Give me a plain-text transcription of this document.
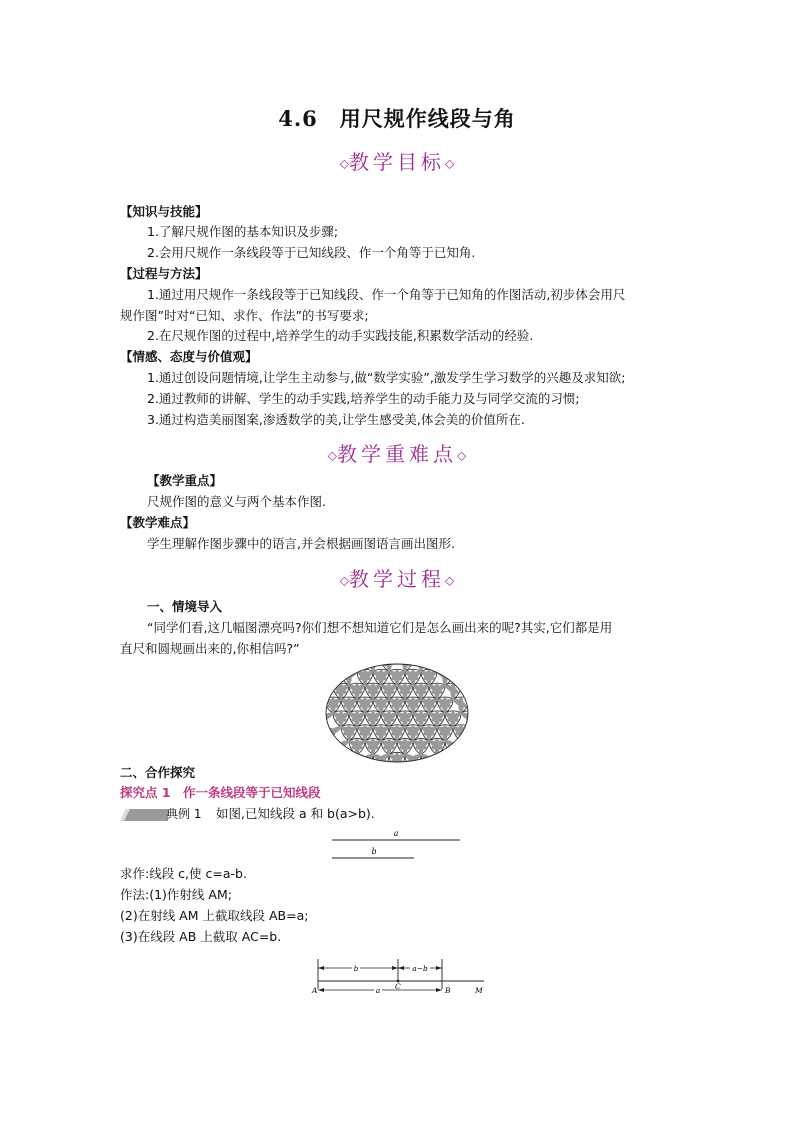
4.6　用尺规作线段与角
◇教学目标◇
【知识与技能】
1.了解尺规作图的基本知识及步骤;
2.会用尺规作一条线段等于已知线段、作一个角等于已知角.
【过程与方法】
1.通过用尺规作一条线段等于已知线段、作一个角等于已知角的作图活动,初步体会用尺
规作图”时对“已知、求作、作法”的书写要求;
2.在尺规作图的过程中,培养学生的动手实践技能,积累数学活动的经验.
【情感、态度与价值观】
1.通过创设问题情境,让学生主动参与,做“数学实验”,激发学生学习数学的兴趣及求知欲;
2.通过教师的讲解、学生的动手实践,培养学生的动手能力及与同学交流的习惯;
3.通过构造美丽图案,渗透数学的美,让学生感受美,体会美的价值所在.
◇教学重难点◇
【教学重点】
尺规作图的意义与两个基本作图.
【教学难点】
学生理解作图步骤中的语言,并会根据画图语言画出图形.
◇教学过程◇
一、情境导入
“同学们看,这几幅图漂亮吗?你们想不想知道它们是怎么画出来的呢?其实,它们都是用
直尺和圆规画出来的,你相信吗?”
二、合作探究
探究点 1　作一条线段等于已知线段
典例 1 如图,已知线段 a 和 b(a>b).
a
b
求作:线段 c,使 c=a-b.
作法:(1)作射线 AM;
(2)在射线 AM 上截取线段 AB=a;
(3)在线段 AB 上截取 AC=b.
b	a−b
a
A	C	B	M
